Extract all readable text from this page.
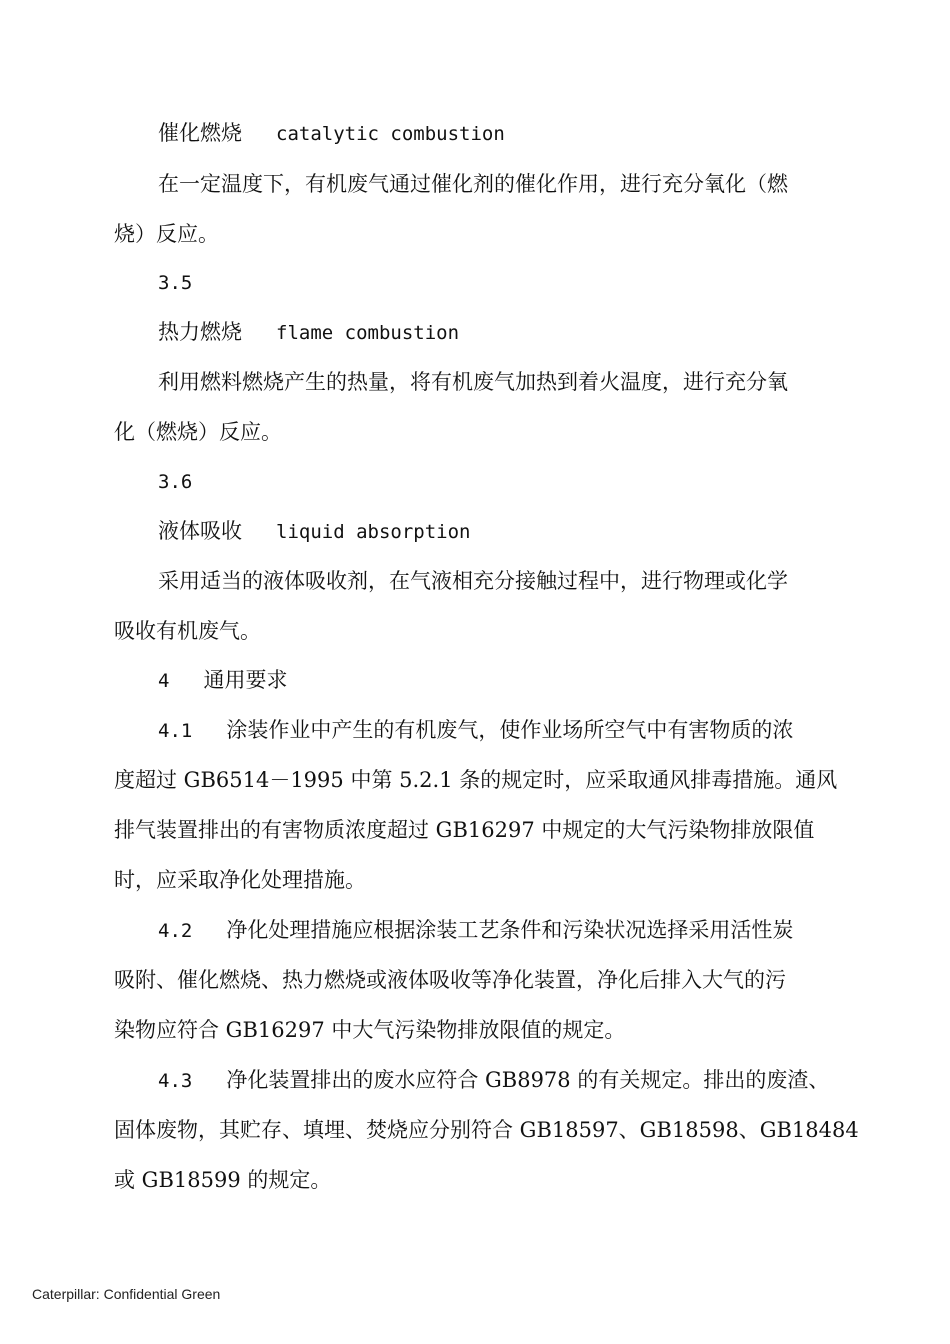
催化燃烧 catalytic combustion
在一定温度下，有机废气通过催化剂的催化作用，进行充分氧化（燃
烧）反应。
3.5
热力燃烧 flame combustion
利用燃料燃烧产生的热量，将有机废气加热到着火温度，进行充分氧
化（燃烧）反应。
3.6
液体吸收 liquid absorption
采用适当的液体吸收剂，在气液相充分接触过程中，进行物理或化学
吸收有机废气。
4 通用要求
4.1 涂装作业中产生的有机废气，使作业场所空气中有害物质的浓
度超过 GB6514－1995 中第 5.2.1 条的规定时，应采取通风排毒措施。通风
排气装置排出的有害物质浓度超过 GB16297 中规定的大气污染物排放限值
时，应采取净化处理措施。
4.2 净化处理措施应根据涂装工艺条件和污染状况选择采用活性炭
吸附、催化燃烧、热力燃烧或液体吸收等净化装置，净化后排入大气的污
染物应符合 GB16297 中大气污染物排放限值的规定。
4.3 净化装置排出的废水应符合 GB8978 的有关规定。排出的废渣、
固体废物，其贮存、填埋、焚烧应分别符合 GB18597、GB18598、GB18484
或 GB18599 的规定。
Caterpillar: Confidential Green
